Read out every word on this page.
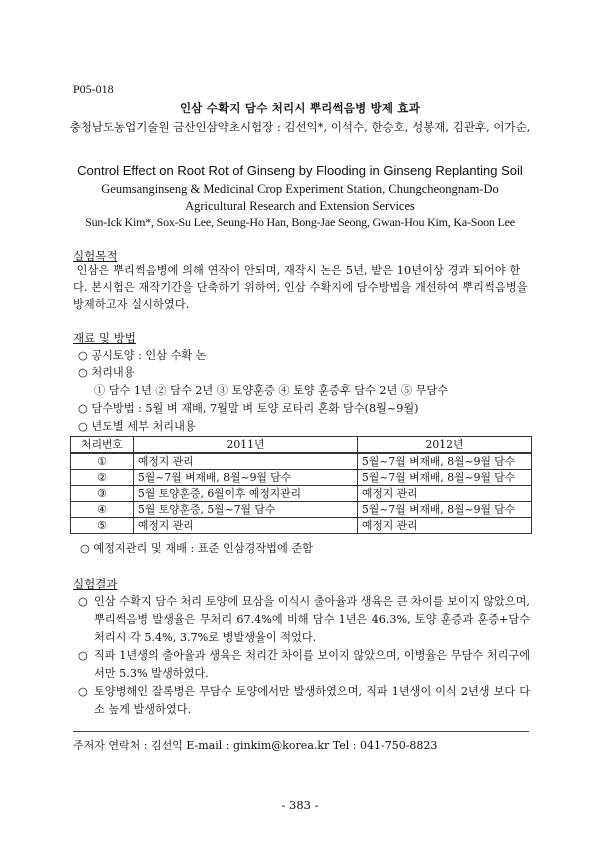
P05-018
인삼 수확지 담수 처리시 뿌리썩음병 방제 효과
충청남도농업기술원 금산인삼약초시험장 : 김선익*, 이석수, 한승호, 성봉재, 김관후, 이가순,
Control Effect on Root Rot of Ginseng by Flooding in Ginseng Replanting Soil
Geumsanginseng & Medicinal Crop Experiment Station, Chungcheongnam-Do
Agricultural Research and Extension Services
Sun-Ick Kim*, Sox-Su Lee, Seung-Ho Han, Bong-Jae Seong, Gwan-Hou Kim, Ka-Soon Lee
실험목적
인삼은 뿌리썩음병에 의해 연작이 안되며, 재작시 논은 5년, 밭은 10년이상 경과 되어야 한다. 본시험은 재작기간을 단축하기 위하여, 인삼 수확지에 담수방법을 개선하여 뿌리썩음병을 방제하고자 실시하였다.
재료 및 방법
○ 공시토양 : 인삼 수확 논
○ 처리내용
① 담수 1년 ② 담수 2년 ③ 토양훈증 ④ 토양 훈증후 담수 2년 ⑤ 무담수
○ 담수방법 : 5월 벼 재배, 7월말 벼 토양 로타리 혼화 담수(8월~9월)
○ 년도별 세부 처리내용
처리번호	2011년	2012년
①	예정지 관리	5월~7월 벼재배, 8월~9월 담수
②	5월~7월 벼재배, 8월~9월 담수	5월~7월 벼재배, 8월~9월 담수
③	5월 토양훈증, 6월이후 예정지관리	예정지 관리
④	5월 토양훈증, 5월~7월 담수	5월~7월 벼재배, 8월~9월 담수
⑤	예정지 관리	예정지 관리
○ 예정지관리 및 재배 : 표준 인삼경작법에 준함
실험결과
○ 인삼 수확지 담수 처리 토양에 묘삼을 이식시 출아율과 생육은 큰 차이를 보이지 않았으며, 뿌리썩음병 발생율은 무처리 67.4%에 비해 담수 1년은 46.3%, 토양 훈증과 훈증+담수 처리시 각 5.4%, 3.7%로 병발생율이 적었다.
○ 직파 1년생의 출아율과 생육은 처리간 차이를 보이지 않았으며, 이병율은 무담수 처리구에서만 5.3% 발생하였다.
○ 토양병해인 잘록병은 무담수 토양에서만 발생하였으며, 직파 1년생이 이식 2년생 보다 다소 높게 발생하였다.
주저자 연락처 : 김선익 E-mail : ginkim@korea.kr Tel : 041-750-8823
- 383 -
